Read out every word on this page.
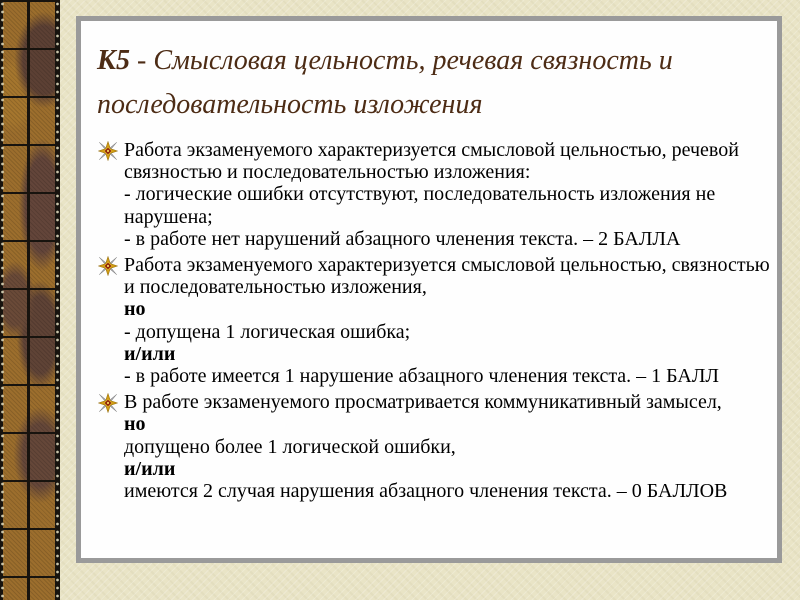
К5 - Смысловая цельность, речевая связность и последовательность изложения
Работа экзаменуемого характеризуется смысловой цельностью, речевой связностью и последовательностью изложения:
- логические ошибки отсутствуют, последовательность изложения не нарушена;
- в работе нет нарушений абзацного членения текста. – 2 БАЛЛА
Работа экзаменуемого характеризуется смысловой цельностью, связностью и последовательностью изложения,
но
- допущена 1 логическая ошибка;
и/или
- в работе имеется 1 нарушение абзацного членения текста. – 1 БАЛЛ
В работе экзаменуемого просматривается коммуникативный замысел,
но
допущено более 1 логической ошибки,
и/или
имеются 2 случая нарушения абзацного членения текста. – 0 БАЛЛОВ
